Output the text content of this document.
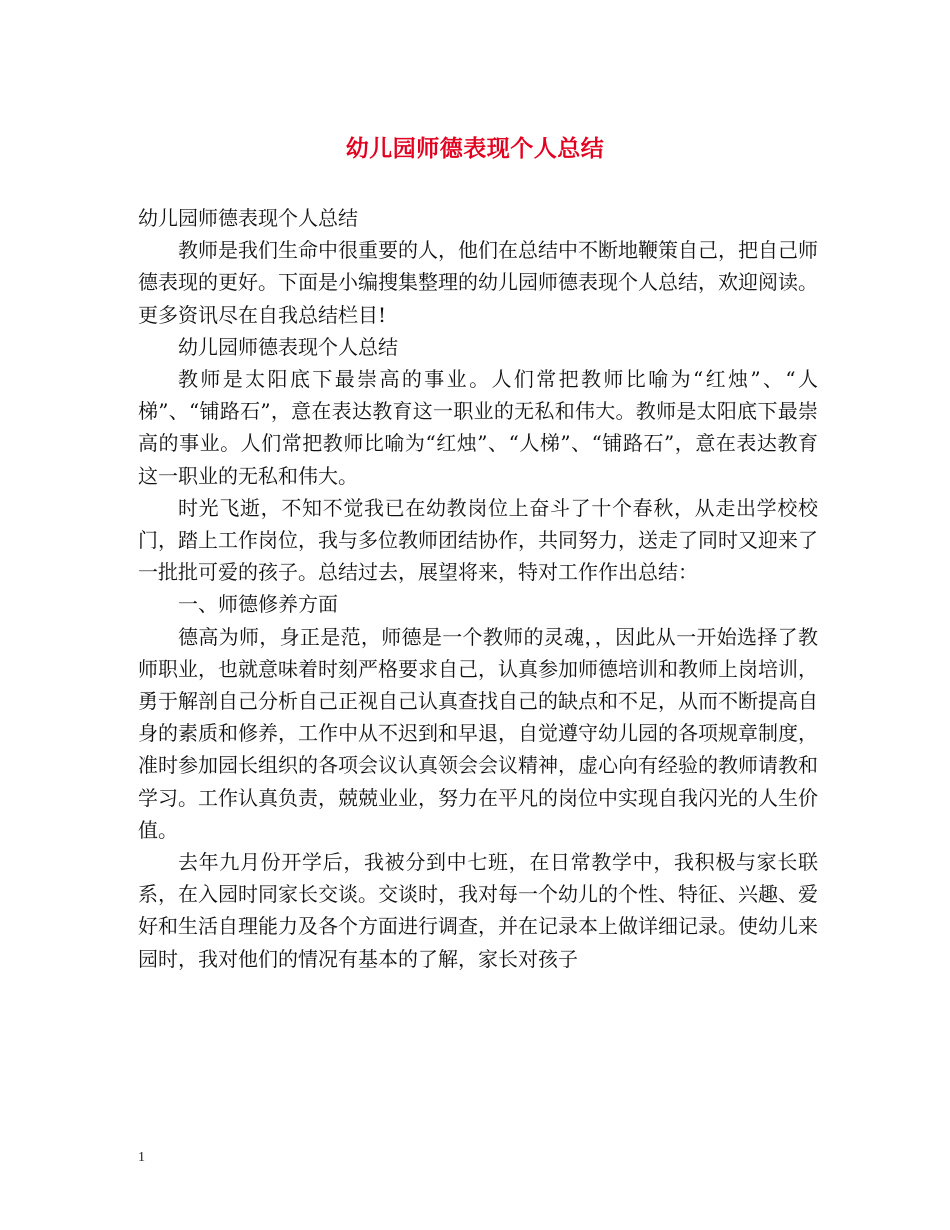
幼儿园师德表现个人总结

幼儿园师德表现个人总结

教师是我们生命中很重要的人，他们在总结中不断地鞭策自己，把自己师德表现的更好。下面是小编搜集整理的幼儿园师德表现个人总结，欢迎阅读。更多资讯尽在自我总结栏目!

幼儿园师德表现个人总结

教师是太阳底下最崇高的事业。人们常把教师比喻为“红烛”、“人梯”、“铺路石”，意在表达教育这一职业的无私和伟大。教师是太阳底下最崇高的事业。人们常把教师比喻为“红烛”、“人梯”、“铺路石”，意在表达教育这一职业的无私和伟大。

时光飞逝，不知不觉我已在幼教岗位上奋斗了十个春秋，从走出学校校门，踏上工作岗位，我与多位教师团结协作，共同努力，送走了同时又迎来了一批批可爱的孩子。总结过去，展望将来，特对工作作出总结：

一、师德修养方面

德高为师，身正是范，师德是一个教师的灵魂，，因此从一开始选择了教师职业，也就意味着时刻严格要求自己，认真参加师德培训和教师上岗培训，勇于解剖自己分析自己正视自己认真查找自己的缺点和不足，从而不断提高自身的素质和修养，工作中从不迟到和早退，自觉遵守幼儿园的各项规章制度，准时参加园长组织的各项会议认真领会会议精神，虚心向有经验的教师请教和学习。工作认真负责，兢兢业业，努力在平凡的岗位中实现自我闪光的人生价值。

去年九月份开学后，我被分到中七班，在日常教学中，我积极与家长联系，在入园时同家长交谈。交谈时，我对每一个幼儿的个性、特征、兴趣、爱好和生活自理能力及各个方面进行调查，并在记录本上做详细记录。使幼儿来园时，我对他们的情况有基本的了解，家长对孩子

1
